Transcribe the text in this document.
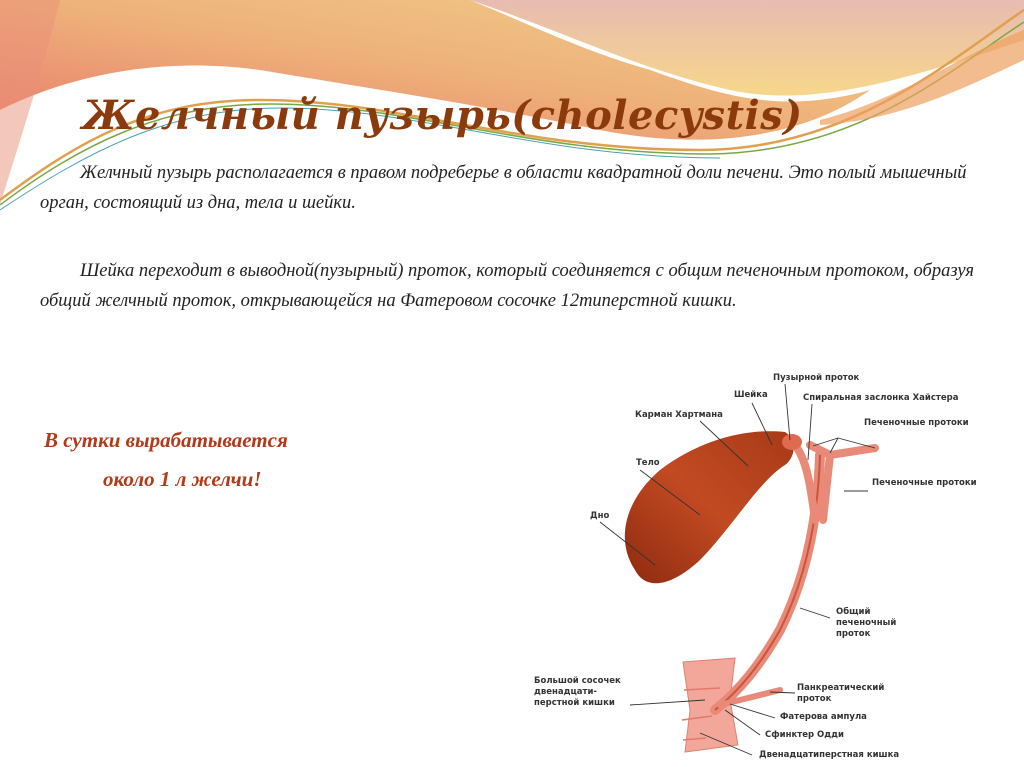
Желчный пузырь(cholecystis)
Желчный пузырь располагается в правом подреберье в области квадратной доли печени. Это полый мышечный орган, состоящий из дна, тела и шейки.
Шейка переходит в выводной(пузырный) проток, который соединяется с общим печеночным протоком, образуя общий желчный проток, открывающейся на Фатеровом сосочке 12типерстной кишки.
В сутки вырабатывается
около 1 л желчи!
Пузырной проток
Шейка	Спиральная заслонка Хайстера
Карман Хартмана
Печеночные протоки
Тело
Печеночные протоки
Дно
Общий
печеночный
проток
Большой сосочек
двенадцати-
перстной кишки
Панкреатический
проток
Фатерова ампула
Сфинктер Одди
Двенадцатиперстная кишка
